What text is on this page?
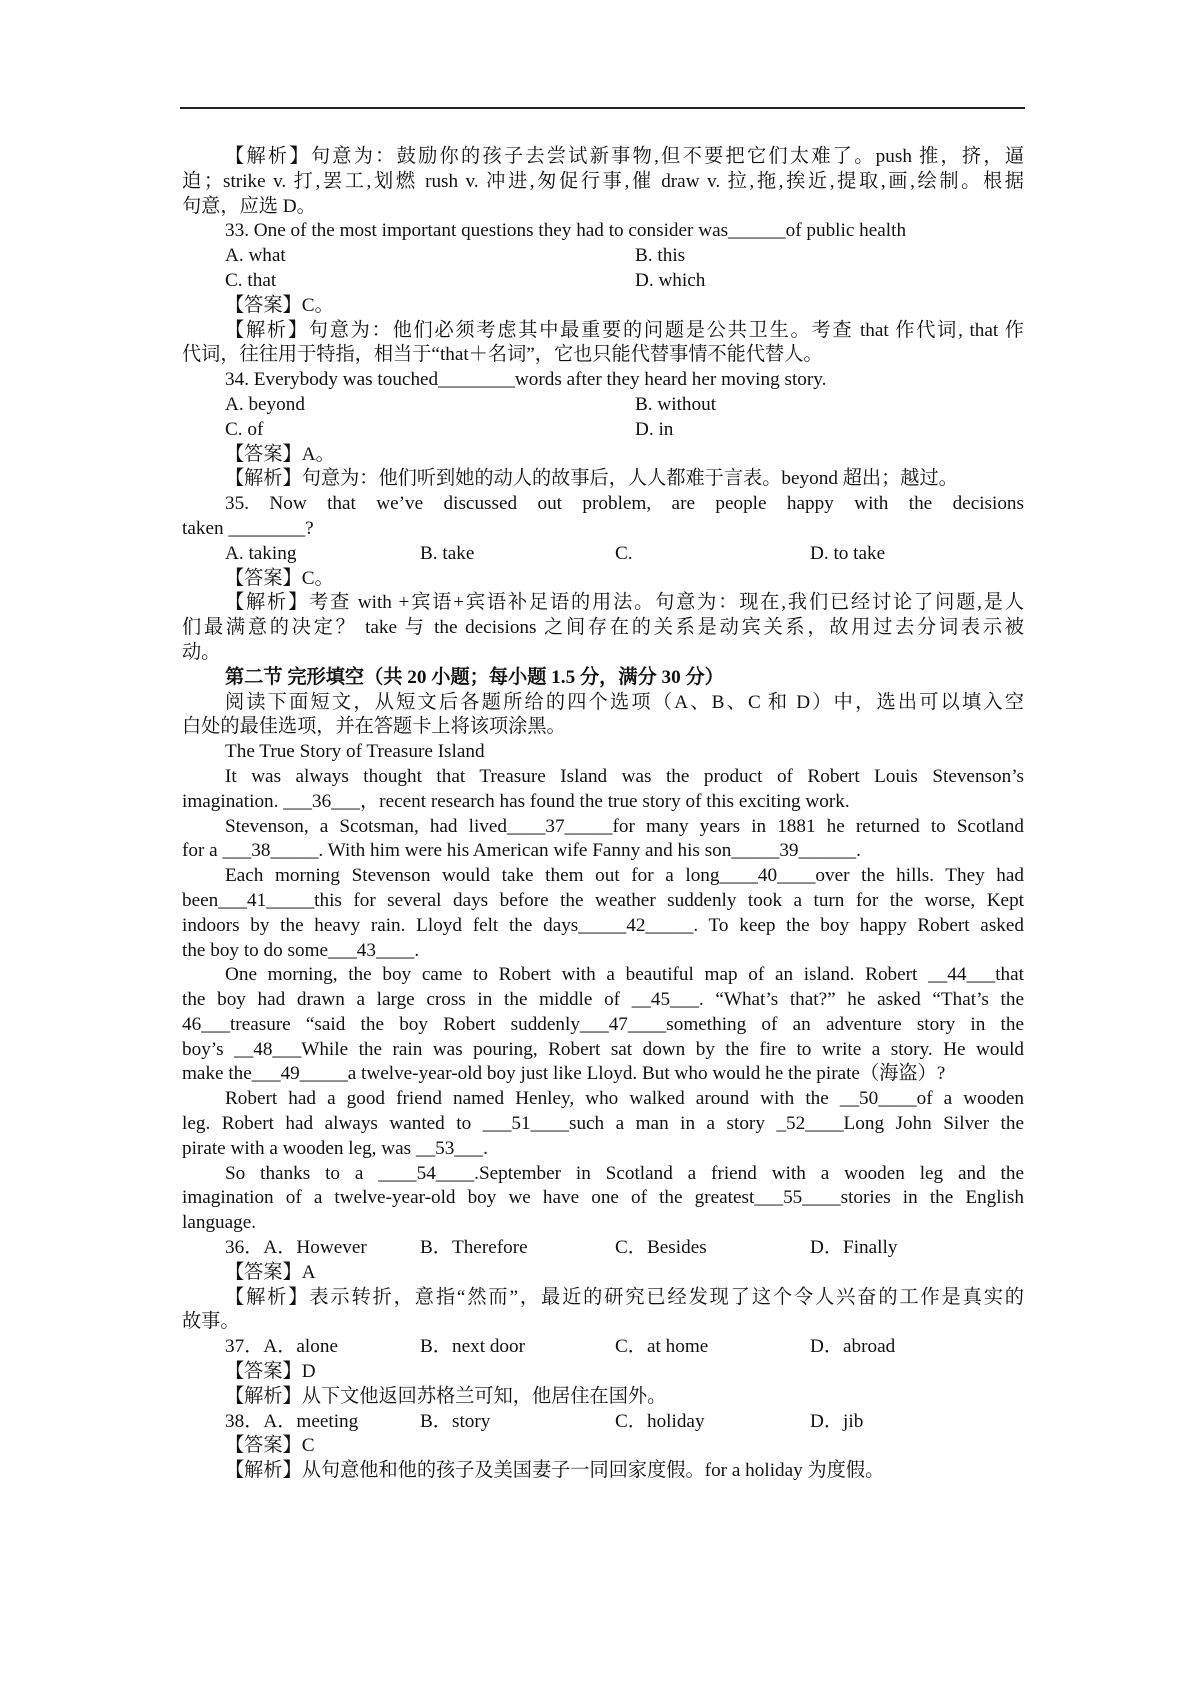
【解析】句意为：鼓励你的孩子去尝试新事物,但不要把它们太难了。push 推，挤，逼
迫；strike v. 打,罢工,划燃 rush v. 冲进,匆促行事,催 draw v. 拉,拖,挨近,提取,画,绘制。根据
句意，应选 D。
33. One of the most important questions they had to consider was______of public health
A. what	B. this
C. that	D. which
【答案】C。
【解析】句意为：他们必须考虑其中最重要的问题是公共卫生。考查 that 作代词, that 作
代词，往往用于特指，相当于“that＋名词”，它也只能代替事情不能代替人。
34. Everybody was touched________words after they heard her moving story.
A. beyond	B. without
C. of	D. in
【答案】A。
【解析】句意为：他们听到她的动人的故事后，人人都难于言表。beyond 超出；越过。
35. Now that we’ve discussed out problem, are people happy with the decisions
taken ________?
A. taking	B. take	C.	D. to take
【答案】C。
【解析】考查 with +宾语+宾语补足语的用法。句意为：现在,我们已经讨论了问题,是人
们最满意的决定？ take 与 the decisions 之间存在的关系是动宾关系，故用过去分词表示被
动。
第二节 完形填空（共 20 小题；每小题 1.5 分，满分 30 分）
阅读下面短文，从短文后各题所给的四个选项（A、B、C 和 D）中，选出可以填入空
白处的最佳选项，并在答题卡上将该项涂黑。
The True Story of Treasure Island
It was always thought that Treasure Island was the product of Robert Louis Stevenson’s
imagination. ___36___，recent research has found the true story of this exciting work.
Stevenson, a Scotsman, had lived____37_____for many years in 1881 he returned to Scotland
for a ___38_____. With him were his American wife Fanny and his son_____39______.
Each morning Stevenson would take them out for a long____40____over the hills. They had
been___41_____this for several days before the weather suddenly took a turn for the worse, Kept
indoors by the heavy rain. Lloyd felt the days_____42_____. To keep the boy happy Robert asked
the boy to do some___43____.
One morning, the boy came to Robert with a beautiful map of an island. Robert __44___that
the boy had drawn a large cross in the middle of __45___. “What’s that?” he asked “That’s the
46___treasure “said the boy Robert suddenly___47____something of an adventure story in the
boy’s __48___While the rain was pouring, Robert sat down by the fire to write a story. He would
make the___49_____a twelve-year-old boy just like Lloyd. But who would he the pirate（海盗）?
Robert had a good friend named Henley, who walked around with the __50____of a wooden
leg. Robert had always wanted to ___51____such a man in a story _52____Long John Silver the
pirate with a wooden leg, was __53___.
So thanks to a ____54____.September in Scotland a friend with a wooden leg and the
imagination of a twelve-year-old boy we have one of the greatest___55____stories in the English
language.
36．A．However	B．Therefore	C．Besides	D．Finally
【答案】A
【解析】表示转折，意指“然而”，最近的研究已经发现了这个令人兴奋的工作是真实的
故事。
37．A．alone	B．next door	C．at home	D．abroad
【答案】D
【解析】从下文他返回苏格兰可知，他居住在国外。
38．A．meeting	B．story	C．holiday	D．jib
【答案】C
【解析】从句意他和他的孩子及美国妻子一同回家度假。for a holiday 为度假。
